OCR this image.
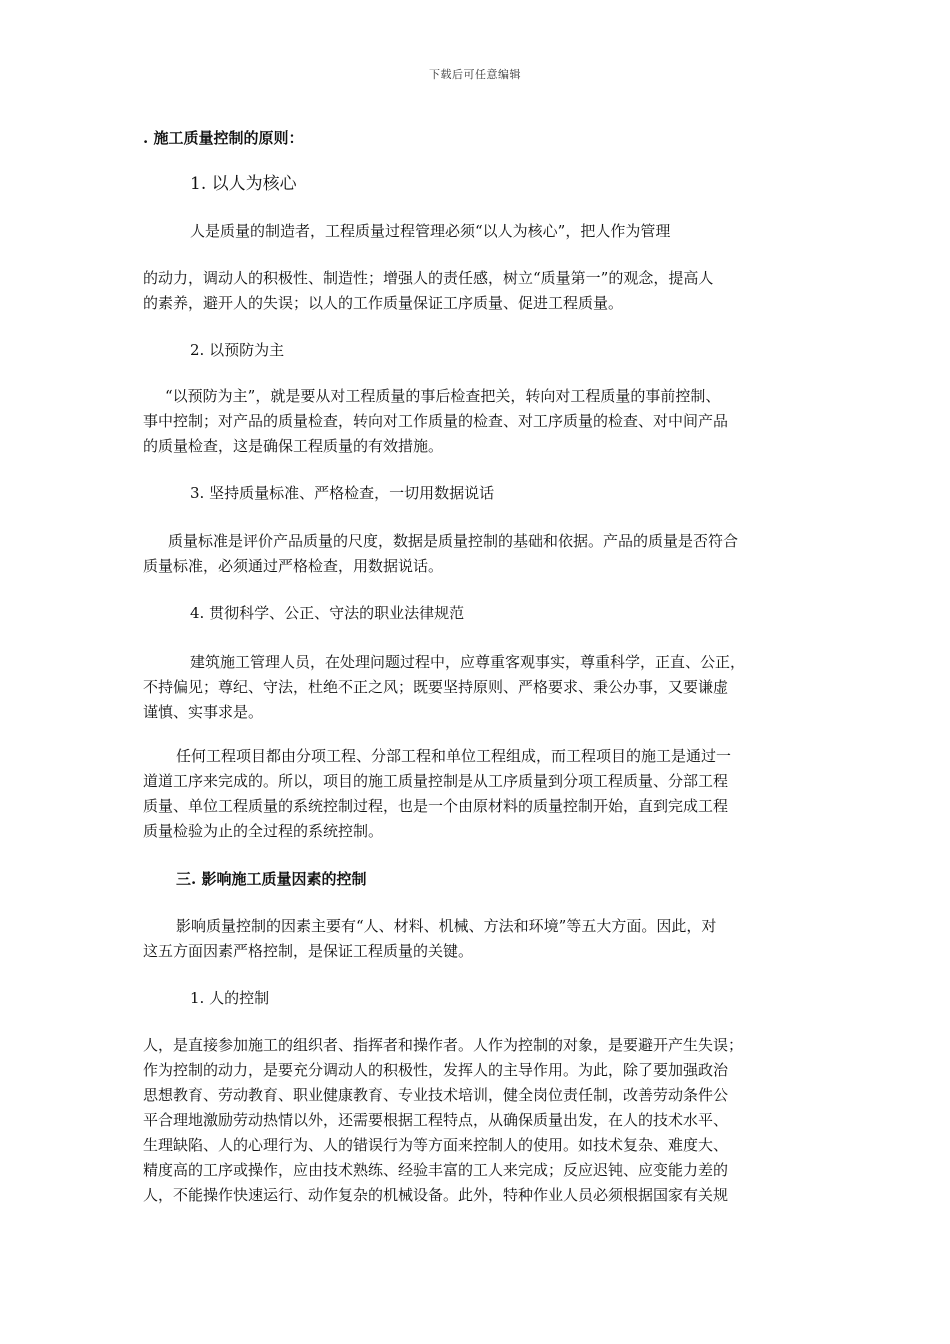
下载后可任意编辑
. 施工质量控制的原则：
1. 以人为核心
人是质量的制造者，工程质量过程管理必须“以人为核心”，把人作为管理
的动力，调动人的积极性、制造性；增强人的责任感，树立“质量第一”的观念，提高人
的素养，避开人的失误；以人的工作质量保证工序质量、促进工程质量。
2. 以预防为主
“以预防为主”，就是要从对工程质量的事后检查把关，转向对工程质量的事前控制、
事中控制；对产品的质量检查，转向对工作质量的检查、对工序质量的检查、对中间产品
的质量检查，这是确保工程质量的有效措施。
3. 坚持质量标准、严格检查，一切用数据说话
质量标准是评价产品质量的尺度，数据是质量控制的基础和依据。产品的质量是否符合
质量标准，必须通过严格检查，用数据说话。
4. 贯彻科学、公正、守法的职业法律规范
建筑施工管理人员，在处理问题过程中，应尊重客观事实，尊重科学，正直、公正，
不持偏见；尊纪、守法，杜绝不正之风；既要坚持原则、严格要求、秉公办事，又要谦虚
谨慎、实事求是。
任何工程项目都由分项工程、分部工程和单位工程组成，而工程项目的施工是通过一
道道工序来完成的。所以，项目的施工质量控制是从工序质量到分项工程质量、分部工程
质量、单位工程质量的系统控制过程，也是一个由原材料的质量控制开始，直到完成工程
质量检验为止的全过程的系统控制。
三. 影响施工质量因素的控制
影响质量控制的因素主要有“人、材料、机械、方法和环境”等五大方面。因此，对
这五方面因素严格控制，是保证工程质量的关键。
1. 人的控制
人，是直接参加施工的组织者、指挥者和操作者。人作为控制的对象，是要避开产生失误；
作为控制的动力，是要充分调动人的积极性，发挥人的主导作用。为此，除了要加强政治
思想教育、劳动教育、职业健康教育、专业技术培训，健全岗位责任制，改善劳动条件公
平合理地激励劳动热情以外，还需要根据工程特点，从确保质量出发，在人的技术水平、
生理缺陷、人的心理行为、人的错误行为等方面来控制人的使用。如技术复杂、难度大、
精度高的工序或操作，应由技术熟练、经验丰富的工人来完成；反应迟钝、应变能力差的
人，不能操作快速运行、动作复杂的机械设备。此外，特种作业人员必须根据国家有关规
